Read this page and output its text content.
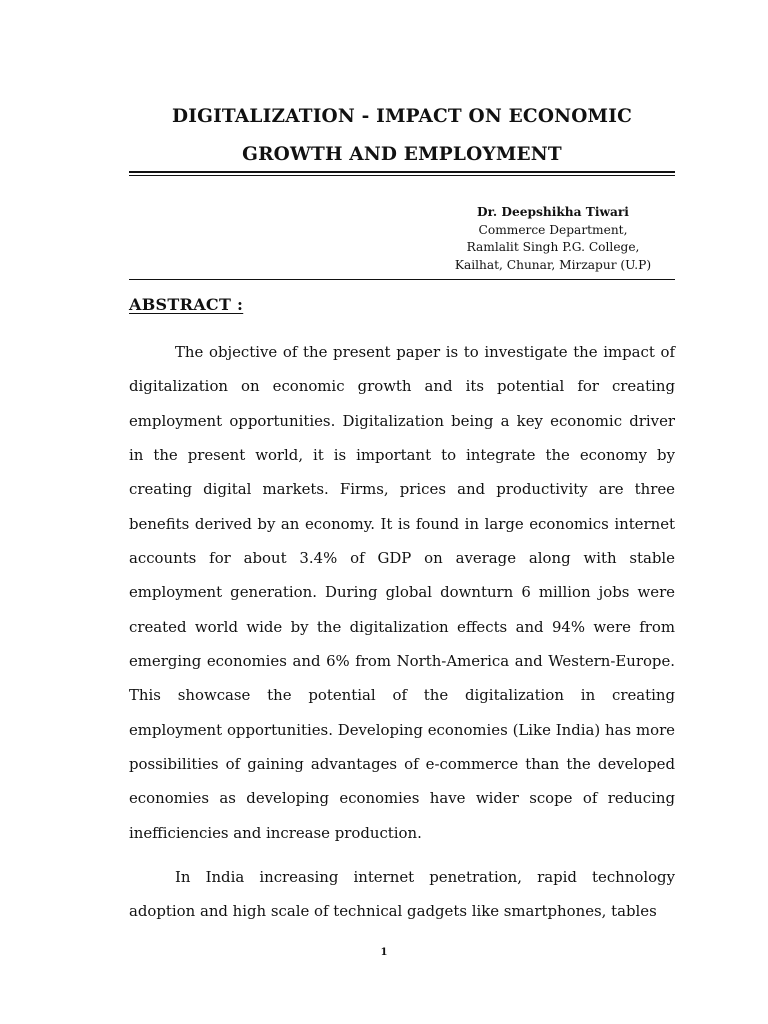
DIGITALIZATION - IMPACT ON ECONOMIC
GROWTH AND EMPLOYMENT
Dr. Deepshikha Tiwari
Commerce Department,
Ramlalit Singh P.G. College,
Kailhat, Chunar, Mirzapur (U.P)
ABSTRACT :

The objective of the present paper is to investigate the impact of digitalization on economic growth and its potential for creating employment opportunities. Digitalization being a key economic driver in the present world, it is important to integrate the economy by creating digital markets. Firms, prices and productivity are three benefits derived by an economy. It is found in large economics internet accounts for about 3.4% of GDP on average along with stable employment generation. During global downturn 6 million jobs were created world wide by the digitalization effects and 94% were from emerging economies and 6% from North-America and Western-Europe. This showcase the potential of the digitalization in creating employment opportunities. Developing economies (Like India) has more possibilities of gaining advantages of e-commerce than the developed economies as developing economies have wider scope of reducing inefficiencies and increase production.

In India increasing internet penetration, rapid technology adoption and high scale of technical gadgets like smartphones, tables

1
